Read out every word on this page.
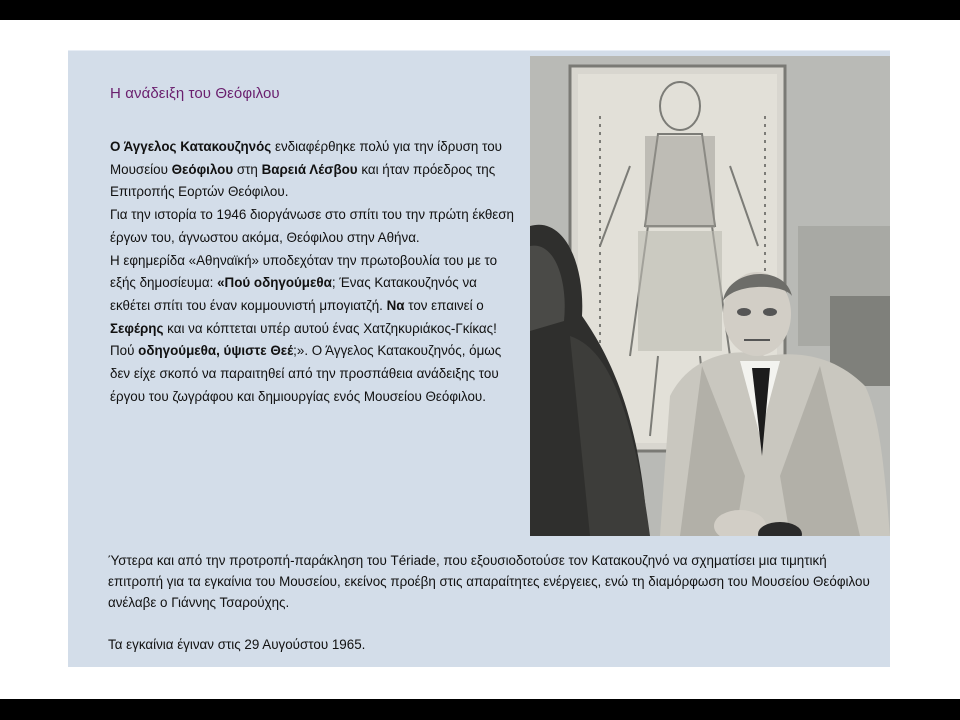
Η ανάδειξη του Θεόφιλου

Ο Άγγελος Κατακουζηνός ενδιαφέρθηκε πολύ για την ίδρυση του Μουσείου Θεόφιλου στη Βαρειά Λέσβου και ήταν πρόεδρος της Επιτροπής Εορτών Θεόφιλου.

Για την ιστορία το 1946 διοργάνωσε στο σπίτι του την πρώτη έκθεση έργων του, άγνωστου ακόμα, Θεόφιλου στην Αθήνα.

Η εφημερίδα «Αθηναϊκή» υποδεχόταν την πρωτοβουλία του με το εξής δημοσίευμα: «Πού οδηγούμεθα; Ένας Κατακουζηνός να εκθέτει σπίτι του έναν κομμουνιστή μπογιατζή. Να τον επαινεί ο Σεφέρης και να κόπτεται υπέρ αυτού ένας Χατζηκυριάκος-Γκίκας! Πού οδηγούμεθα, ύψιστε Θεέ;». Ο Άγγελος Κατακουζηνός, όμως δεν είχε σκοπό να παραιτηθεί από την προσπάθεια ανάδειξης του έργου του ζωγράφου και δημιουργίας ενός Μουσείου Θεόφιλου.

Ύστερα και από την προτροπή-παράκληση του Tériade, που εξουσιοδοτούσε τον Κατακουζηνό να σχηματίσει μια τιμητική επιτροπή για τα εγκαίνια του Μουσείου, εκείνος προέβη στις απαραίτητες ενέργειες, ενώ τη διαμόρφωση του Μουσείου Θεόφιλου ανέλαβε ο Γιάννης Τσαρούχης.

Τα εγκαίνια έγιναν στις 29 Αυγούστου 1965.
